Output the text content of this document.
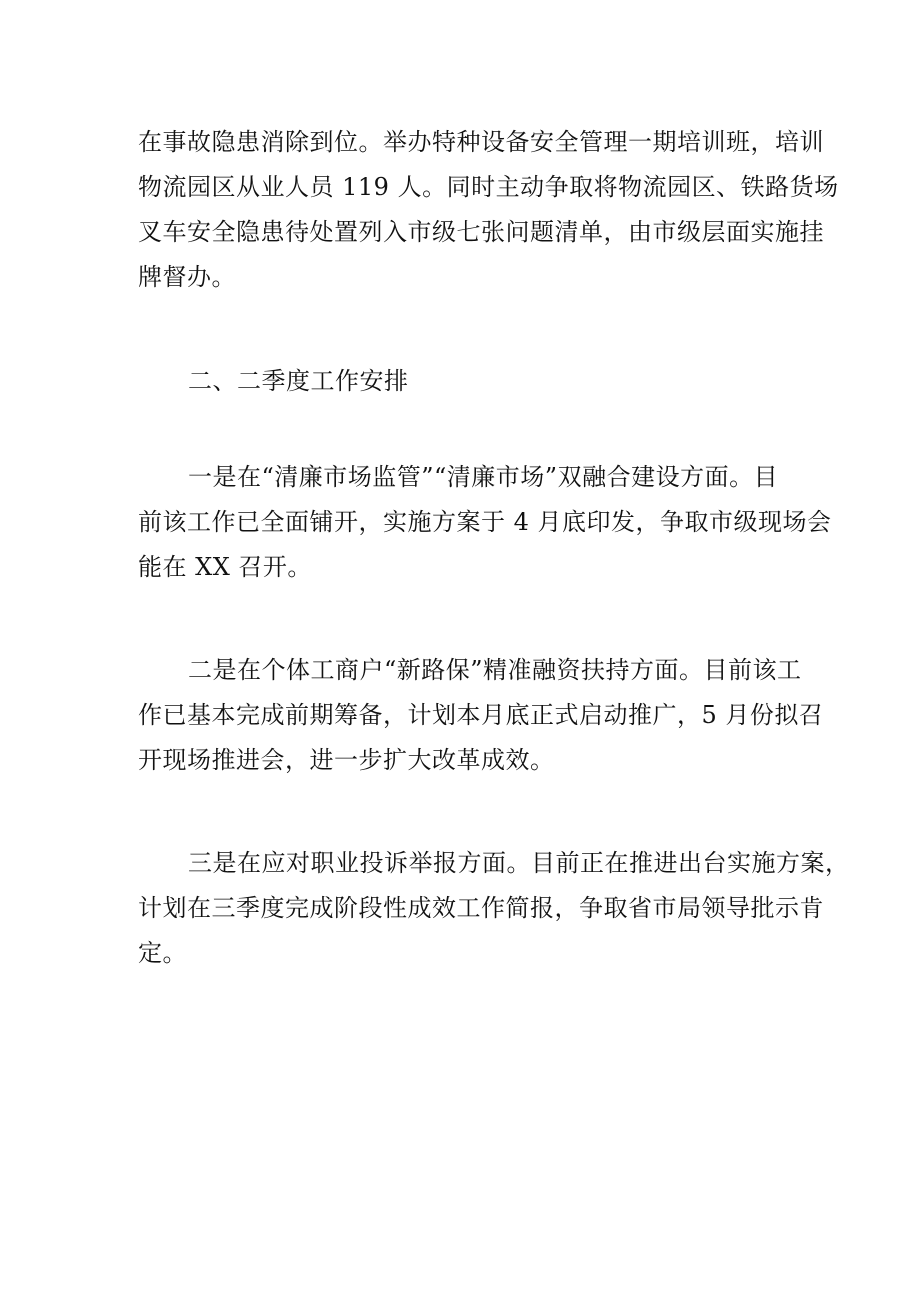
在事故隐患消除到位。举办特种设备安全管理一期培训班，培训
物流园区从业人员 119 人。同时主动争取将物流园区、铁路货场
叉车安全隐患待处置列入市级七张问题清单，由市级层面实施挂
牌督办。
二、二季度工作安排
一是在“清廉市场监管”“清廉市场”双融合建设方面。目
前该工作已全面铺开，实施方案于 4 月底印发，争取市级现场会
能在 XX 召开。
二是在个体工商户“新路保”精准融资扶持方面。目前该工
作已基本完成前期筹备，计划本月底正式启动推广，5 月份拟召
开现场推进会，进一步扩大改革成效。
三是在应对职业投诉举报方面。目前正在推进出台实施方案，
计划在三季度完成阶段性成效工作简报，争取省市局领导批示肯
定。
